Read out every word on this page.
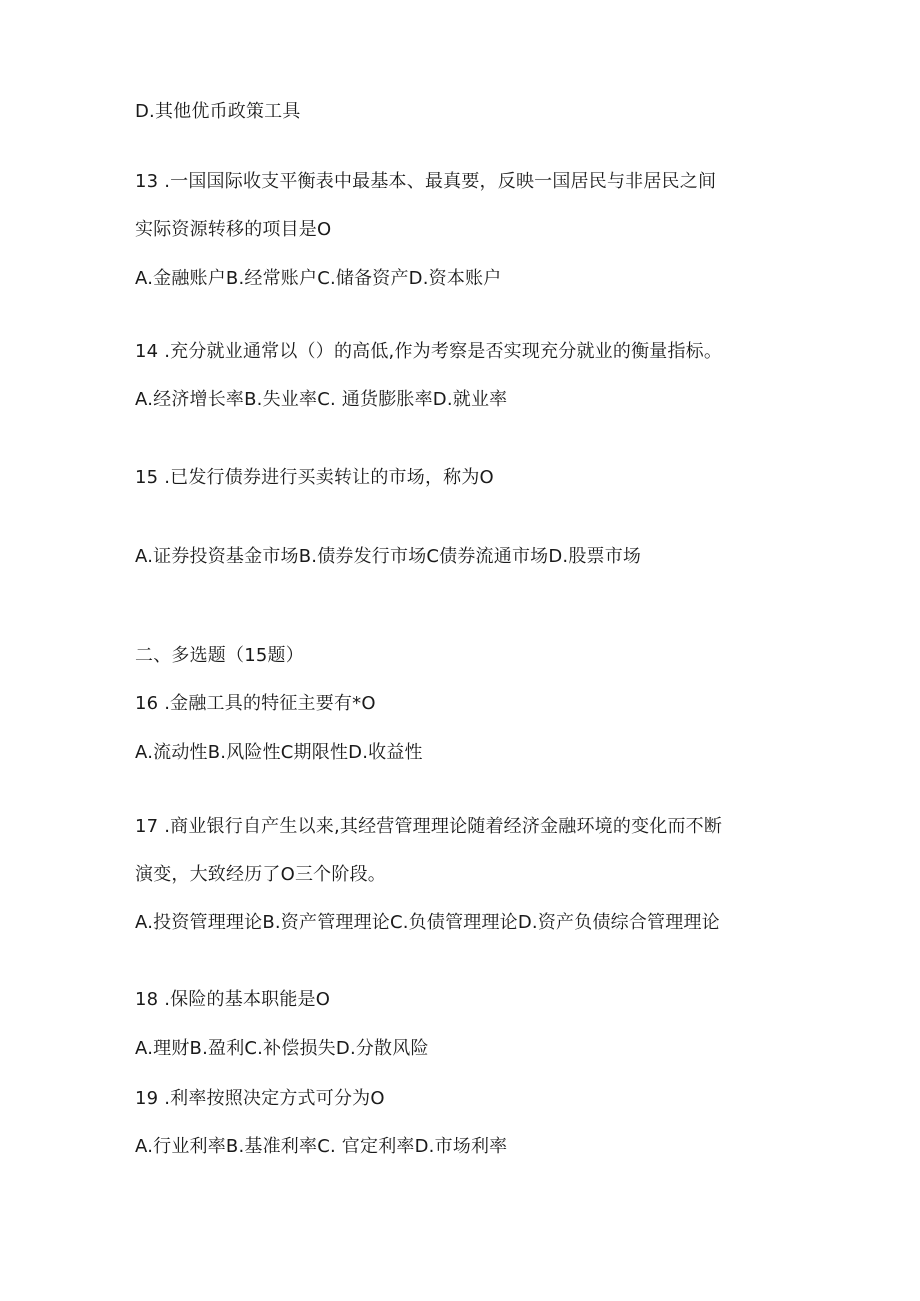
D.其他优币政策工具
13 .一国国际收支平衡表中最基本、最真要，反映一国居民与非居民之间
实际资源转移的项目是O
A.金融账户B.经常账户C.储备资产D.资本账户
14 .充分就业通常以（）的高低,作为考察是否实现充分就业的衡量指标。
A.经济增长率B.失业率C. 通货膨胀率D.就业率
15 .已发行债券进行买卖转让的市场，称为O
A.证券投资基金市场B.债券发行市场C债券流通市场D.股票市场
二、多选题（15题）
16 .金融工具的特征主要有*O
A.流动性B.风险性C期限性D.收益性
17 .商业银行自产生以来,其经营管理理论随着经济金融环境的变化而不断
演变，大致经历了O三个阶段。
A.投资管理理论B.资产管理理论C.负债管理理论D.资产负债综合管理理论
18 .保险的基本职能是O
A.理财B.盈利C.补偿损失D.分散风险
19 .利率按照决定方式可分为O
A.行业利率B.基准利率C. 官定利率D.市场利率
